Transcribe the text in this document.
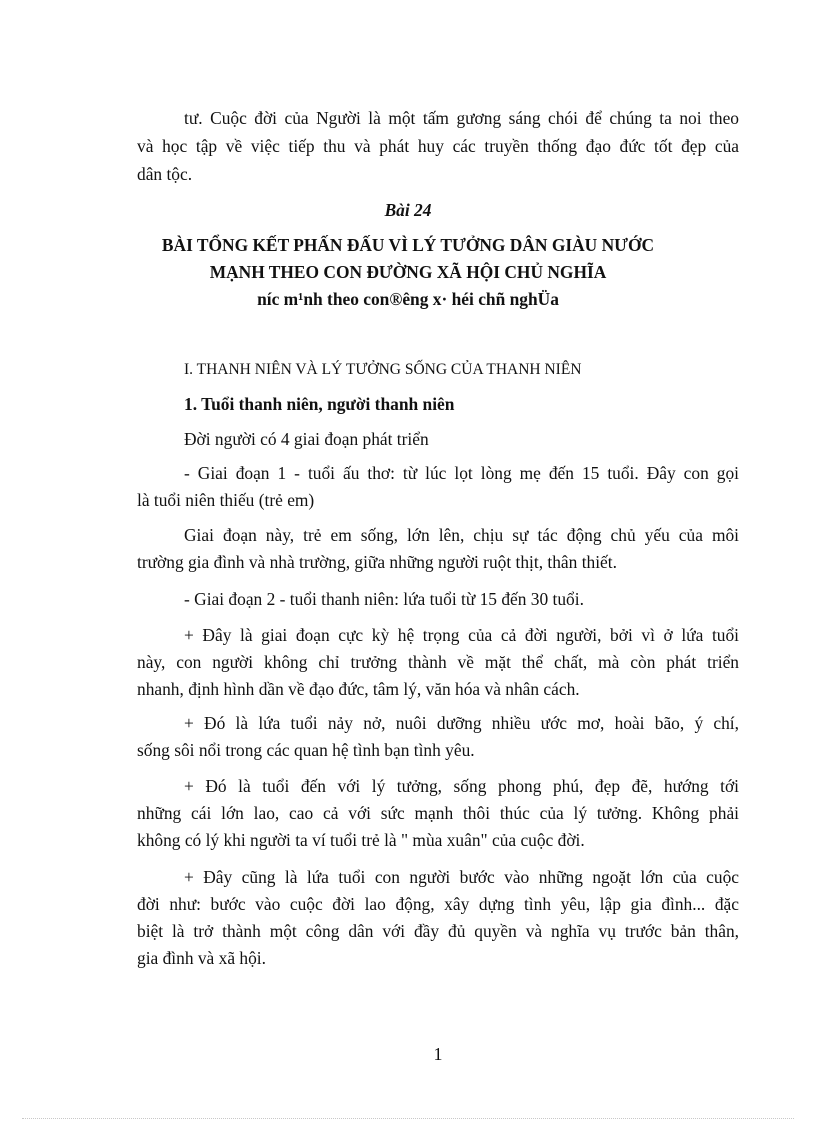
tư. Cuộc đời của Người là một tấm gương sáng chói để chúng ta noi theo
và học tập về việc tiếp thu và phát huy các truyền thống đạo đức tốt đẹp của
dân tộc.
Bài 24
BÀI TỔNG KẾT PHẤN ĐẤU VÌ LÝ TƯỞNG DÂN GIÀU NƯỚC
MẠNH THEO CON ĐƯỜNG XÃ HỘI CHỦ NGHĨA
níc m¹nh theo con®êng x· héi chñ nghÜa
I. THANH NIÊN VÀ LÝ TƯỞNG SỐNG CỦA THANH NIÊN
1. Tuổi thanh niên, người thanh niên
Đời người có 4 giai đoạn phát triển
- Giai đoạn 1 - tuổi ấu thơ: từ lúc lọt lòng mẹ đến 15 tuổi. Đây con gọi
là tuổi niên thiếu (trẻ em)
Giai đoạn này, trẻ em sống, lớn lên, chịu sự tác động chủ yếu của môi
trường gia đình và nhà trường, giữa những người ruột thịt, thân thiết.
- Giai đoạn 2 - tuổi thanh niên: lứa tuổi từ 15 đến 30 tuổi.
+ Đây là giai đoạn cực kỳ hệ trọng của cả đời người, bởi vì ở lứa tuổi
này, con người không chỉ trưởng thành về mặt thể chất, mà còn phát triển
nhanh, định hình dần về đạo đức, tâm lý, văn hóa và nhân cách.
+ Đó là lứa tuổi nảy nở, nuôi dưỡng nhiều ước mơ, hoài bão, ý chí,
sống sôi nổi trong các quan hệ tình bạn tình yêu.
+ Đó là tuổi đến với lý tưởng, sống phong phú, đẹp đẽ, hướng tới
những cái lớn lao, cao cả với sức mạnh thôi thúc của lý tưởng. Không phải
không có lý khi người ta ví tuổi trẻ là " mùa xuân" của cuộc đời.
+ Đây cũng là lứa tuổi con người bước vào những ngoặt lớn của cuộc
đời như: bước vào cuộc đời lao động, xây dựng tình yêu, lập gia đình... đặc
biệt là trở thành một công dân với đầy đủ quyền và nghĩa vụ trước bản thân,
gia đình và xã hội.
1
